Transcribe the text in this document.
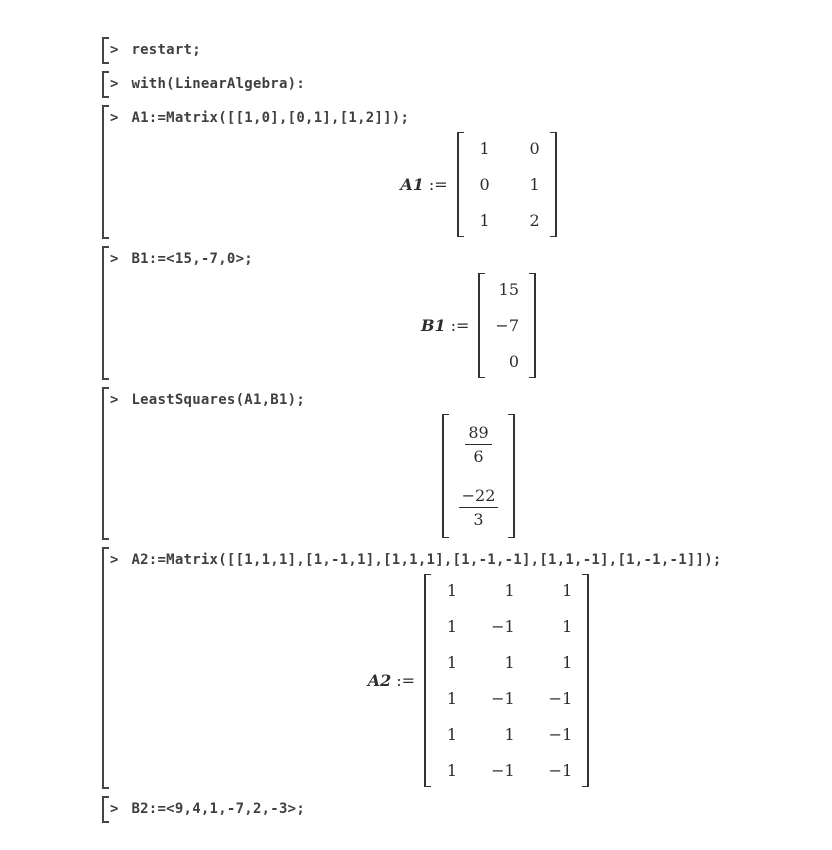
> restart;
> with(LinearAlgebra):
> A1:=Matrix([[1,0],[0,1],[1,2]]);
A1 :=
1	0
0	1
1	2
> B1:=<15,-7,0>;
B1 :=
15
−7
0
> LeastSquares(A1,B1);
$\frac{89}{6}$
$\frac{-22}{3}$
> A2:=Matrix([[1,1,1],[1,-1,1],[1,1,1],[1,-1,-1],[1,1,-1],[1,-1,-1]]);
A2 :=
1	1	1
1 −1	1
1	1	1
1 −1 −1
1	1 −1
1 −1 −1
> B2:=<9,4,1,-7,2,-3>;
